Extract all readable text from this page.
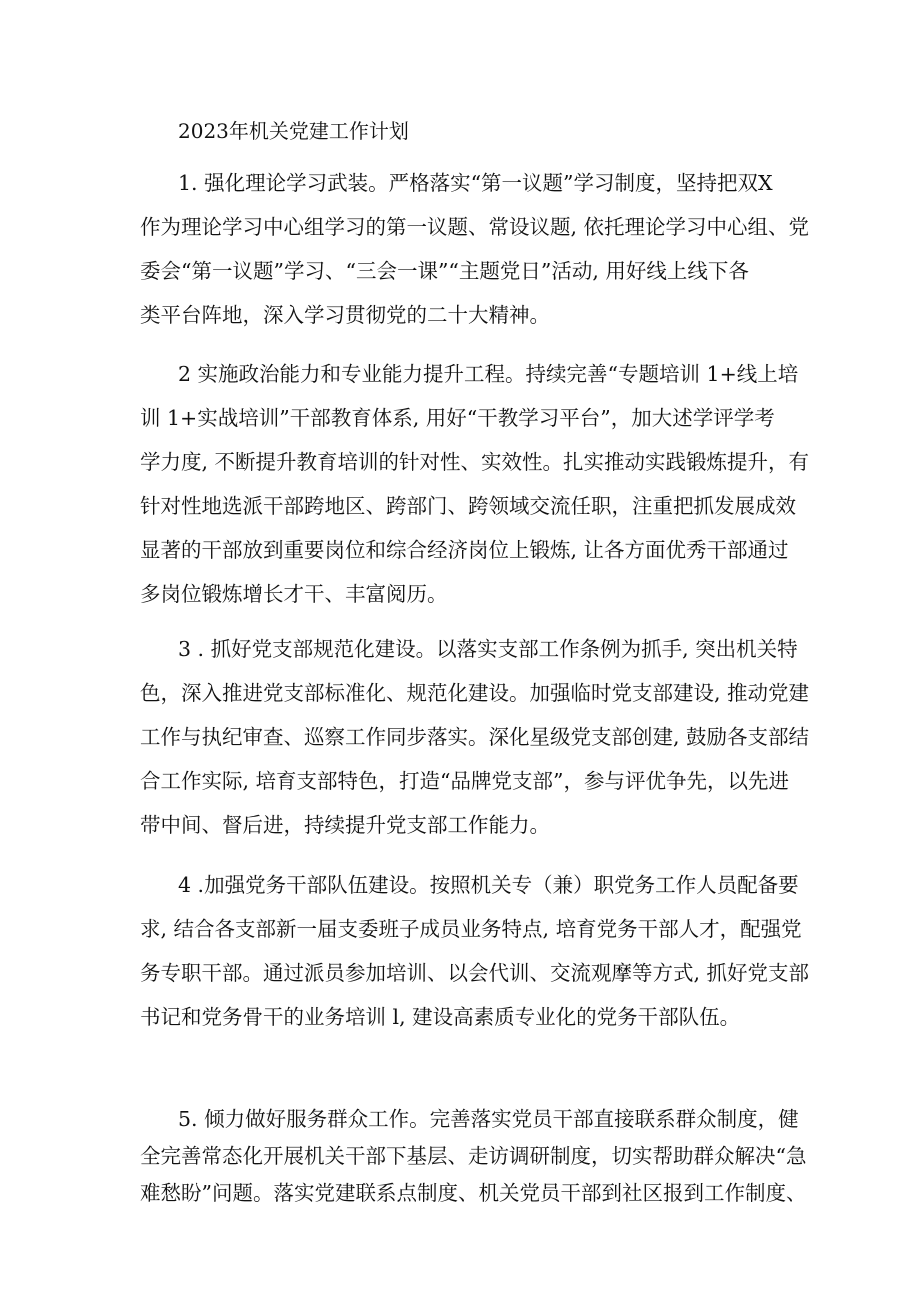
2023年机关党建工作计划
1. 强化理论学习武装。严格落实“第一议题”学习制度，坚持把双X
作为理论学习中心组学习的第一议题、常设议题, 依托理论学习中心组、党
委会“第一议题”学习、“三会一课”“主题党日”活动, 用好线上线下各
类平台阵地，深入学习贯彻党的二十大精神。
2 实施政治能力和专业能力提升工程。持续完善“专题培训 1+线上培
训 1+实战培训”干部教育体系, 用好“干教学习平台”，加大述学评学考
学力度, 不断提升教育培训的针对性、实效性。扎实推动实践锻炼提升，有
针对性地选派干部跨地区、跨部门、跨领域交流任职，注重把抓发展成效
显著的干部放到重要岗位和综合经济岗位上锻炼, 让各方面优秀干部通过
多岗位锻炼增长才干、丰富阅历。
3 . 抓好党支部规范化建设。以落实支部工作条例为抓手, 突出机关特
色，深入推进党支部标准化、规范化建设。加强临时党支部建设, 推动党建
工作与执纪审查、巡察工作同步落实。深化星级党支部创建, 鼓励各支部结
合工作实际, 培育支部特色，打造“品牌党支部”，参与评优争先，以先进
带中间、督后进，持续提升党支部工作能力。
4 .加强党务干部队伍建设。按照机关专（兼）职党务工作人员配备要
求, 结合各支部新一届支委班子成员业务特点, 培育党务干部人才，配强党
务专职干部。通过派员参加培训、以会代训、交流观摩等方式, 抓好党支部
书记和党务骨干的业务培训 l, 建设高素质专业化的党务干部队伍。
5. 倾力做好服务群众工作。完善落实党员干部直接联系群众制度，健
全完善常态化开展机关干部下基层、走访调研制度，切实帮助群众解决“急
难愁盼”问题。落实党建联系点制度、机关党员干部到社区报到工作制度、
